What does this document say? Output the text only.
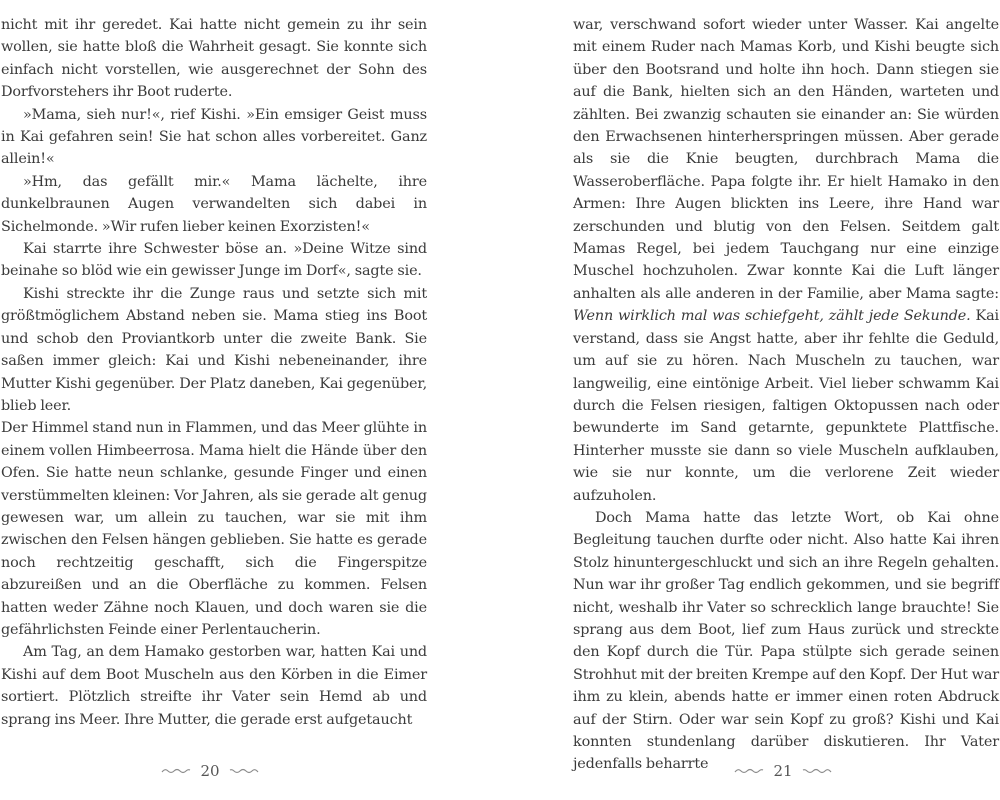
nicht mit ihr geredet. Kai hatte nicht gemein zu ihr sein wollen, sie hatte bloß die Wahrheit gesagt. Sie konnte sich einfach nicht vorstellen, wie ausgerechnet der Sohn des Dorfvorstehers ihr Boot ruderte.

»Mama, sieh nur!«, rief Kishi. »Ein emsiger Geist muss in Kai gefahren sein! Sie hat schon alles vorbereitet. Ganz allein!«

»Hm, das gefällt mir.« Mama lächelte, ihre dunkelbraunen Augen verwandelten sich dabei in Sichelmonde. »Wir rufen lieber keinen Exorzisten!«

Kai starrte ihre Schwester böse an. »Deine Witze sind beinahe so blöd wie ein gewisser Junge im Dorf«, sagte sie.

Kishi streckte ihr die Zunge raus und setzte sich mit größtmöglichem Abstand neben sie. Mama stieg ins Boot und schob den Proviantkorb unter die zweite Bank. Sie saßen immer gleich: Kai und Kishi nebeneinander, ihre Mutter Kishi gegenüber. Der Platz daneben, Kai gegenüber, blieb leer.

Der Himmel stand nun in Flammen, und das Meer glühte in einem vollen Himbeerrosa. Mama hielt die Hände über den Ofen. Sie hatte neun schlanke, gesunde Finger und einen verstümmelten kleinen: Vor Jahren, als sie gerade alt genug gewesen war, um allein zu tauchen, war sie mit ihm zwischen den Felsen hängen geblieben. Sie hatte es gerade noch rechtzeitig geschafft, sich die Fingerspitze abzureißen und an die Oberfläche zu kommen. Felsen hatten weder Zähne noch Klauen, und doch waren sie die gefährlichsten Feinde einer Perlentaucherin.

Am Tag, an dem Hamako gestorben war, hatten Kai und Kishi auf dem Boot Muscheln aus den Körben in die Eimer sortiert. Plötzlich streifte ihr Vater sein Hemd ab und sprang ins Meer. Ihre Mutter, die gerade erst aufgetaucht

war, verschwand sofort wieder unter Wasser. Kai angelte mit einem Ruder nach Mamas Korb, und Kishi beugte sich über den Bootsrand und holte ihn hoch. Dann stiegen sie auf die Bank, hielten sich an den Händen, warteten und zählten. Bei zwanzig schauten sie einander an: Sie würden den Erwachsenen hinterherspringen müssen. Aber gerade als sie die Knie beugten, durchbrach Mama die Wasseroberfläche. Papa folgte ihr. Er hielt Hamako in den Armen: Ihre Augen blickten ins Leere, ihre Hand war zerschunden und blutig von den Felsen. Seitdem galt Mamas Regel, bei jedem Tauchgang nur eine einzige Muschel hochzuholen. Zwar konnte Kai die Luft länger anhalten als alle anderen in der Familie, aber Mama sagte: Wenn wirklich mal was schiefgeht, zählt jede Sekunde. Kai verstand, dass sie Angst hatte, aber ihr fehlte die Geduld, um auf sie zu hören. Nach Muscheln zu tauchen, war langweilig, eine eintönige Arbeit. Viel lieber schwamm Kai durch die Felsen riesigen, faltigen Oktopussen nach oder bewunderte im Sand getarnte, gepunktete Plattfische. Hinterher musste sie dann so viele Muscheln aufklauben, wie sie nur konnte, um die verlorene Zeit wieder aufzuholen.

Doch Mama hatte das letzte Wort, ob Kai ohne Begleitung tauchen durfte oder nicht. Also hatte Kai ihren Stolz hinuntergeschluckt und sich an ihre Regeln gehalten. Nun war ihr großer Tag endlich gekommen, und sie begriff nicht, weshalb ihr Vater so schrecklich lange brauchte! Sie sprang aus dem Boot, lief zum Haus zurück und streckte den Kopf durch die Tür. Papa stülpte sich gerade seinen Strohhut mit der breiten Krempe auf den Kopf. Der Hut war ihm zu klein, abends hatte er immer einen roten Abdruck auf der Stirn. Oder war sein Kopf zu groß? Kishi und Kai konnten stundenlang darüber diskutieren. Ihr Vater jedenfalls beharrte

20	21
